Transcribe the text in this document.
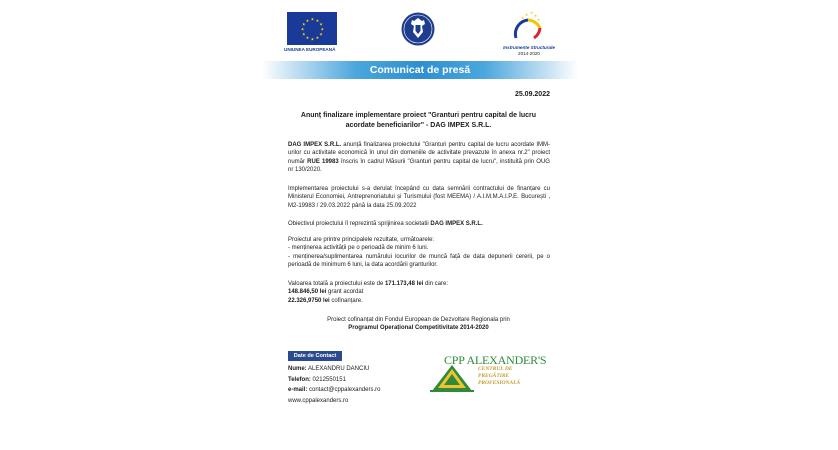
★ ★
★
★
★
★
★
★
★
★
★
★
UNIUNEA EUROPEANĂ
★ ★
★
★	★
Instrumente Structurale
2014-2020
Comunicat de presă
25.09.2022
Anunț finalizare implementare proiect "Granturi pentru capital de lucru acordate beneficiarilor" - DAG IMPEX S.R.L.
DAG IMPEX S.R.L. anunță finalizarea proiectului "Granturi pentru capital de lucru acordate IMM-urilor cu activitate economică în unul din domeniile de activitate prevazute în anexa nr.2" proiect număr RUE 19983 înscris în cadrul Măsurii "Granturi pentru capital de lucru", instituită prin OUG nr 130/2020.
Implementarea proiectului s-a derulat începând cu data semnării contractului de finanțare cu Ministerul Economiei, Antreprenoriatului și Turismului (fost MEEMA) / A.I.M.M.A.I.P.E. București , M2-19983 / 29.03.2022 până la data 25.09.2022
Obiectivul proiectului îl reprezintă sprijinirea societatii DAG IMPEX S.R.L.
Proiectul are printre principalele rezultate, următoarele:
- menținerea activității pe o perioadă de minim 6 luni.
- menținerea/suplimentarea numărului locurilor de muncă față de data depunerii cererii, pe o perioadă de minimum 6 luni, la data acordării granturilor.
Valoarea totală a proiectului este de 171.173,48 lei din care:
148.846,50 lei grant acordat
22.326,9750 lei cofinanțare.
Proiect cofinanțat din Fondul European de Dezvoltare Regionala prin
Programul Operațional Competitivitate 2014-2020
Date de Contact
Nume: ALEXANDRU DANCIU
Telefon: 0212550151
e-mail: contact@cppalexanders.ro
www.cppalexanders.ro
CPP ALEXANDER'S
CENTRUL DE
PREGĂTIRE
PROFESIONALĂ
